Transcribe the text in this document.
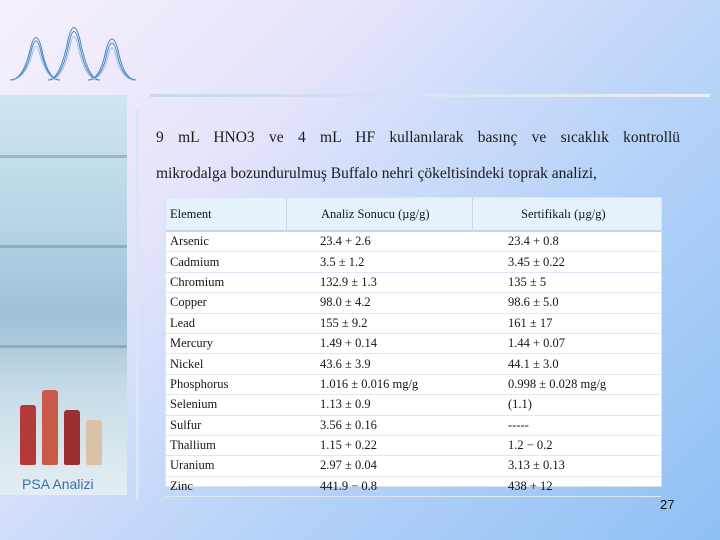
PSA Analizi
9 mL HNO3 ve 4 mL HF kullanılarak basınç ve sıcaklık kontrollü
mikrodalga bozundurulmuş Buffalo nehri çökeltisindeki toprak analizi,
Element	Analiz Sonucu (µg/g)	Sertifikalı (µg/g)
Arsenic	23.4 + 2.6	23.4 + 0.8
Cadmium	3.5 ± 1.2	3.45 ± 0.22
Chromium	132.9 ± 1.3	135 ± 5
Copper	98.0 ± 4.2	98.6 ± 5.0
Lead	155 ± 9.2	161 ± 17
Mercury	1.49 + 0.14	1.44 + 0.07
Nickel	43.6 ± 3.9	44.1 ± 3.0
Phosphorus	1.016 ± 0.016 mg/g	0.998 ± 0.028 mg/g
Selenium	1.13 ± 0.9	(1.1)
Sulfur	3.56 ± 0.16	-----
Thallium	1.15 + 0.22	1.2 − 0.2
Uranium	2.97 ± 0.04	3.13 ± 0.13
Zinc	441.9 − 0.8	438 + 12
27
